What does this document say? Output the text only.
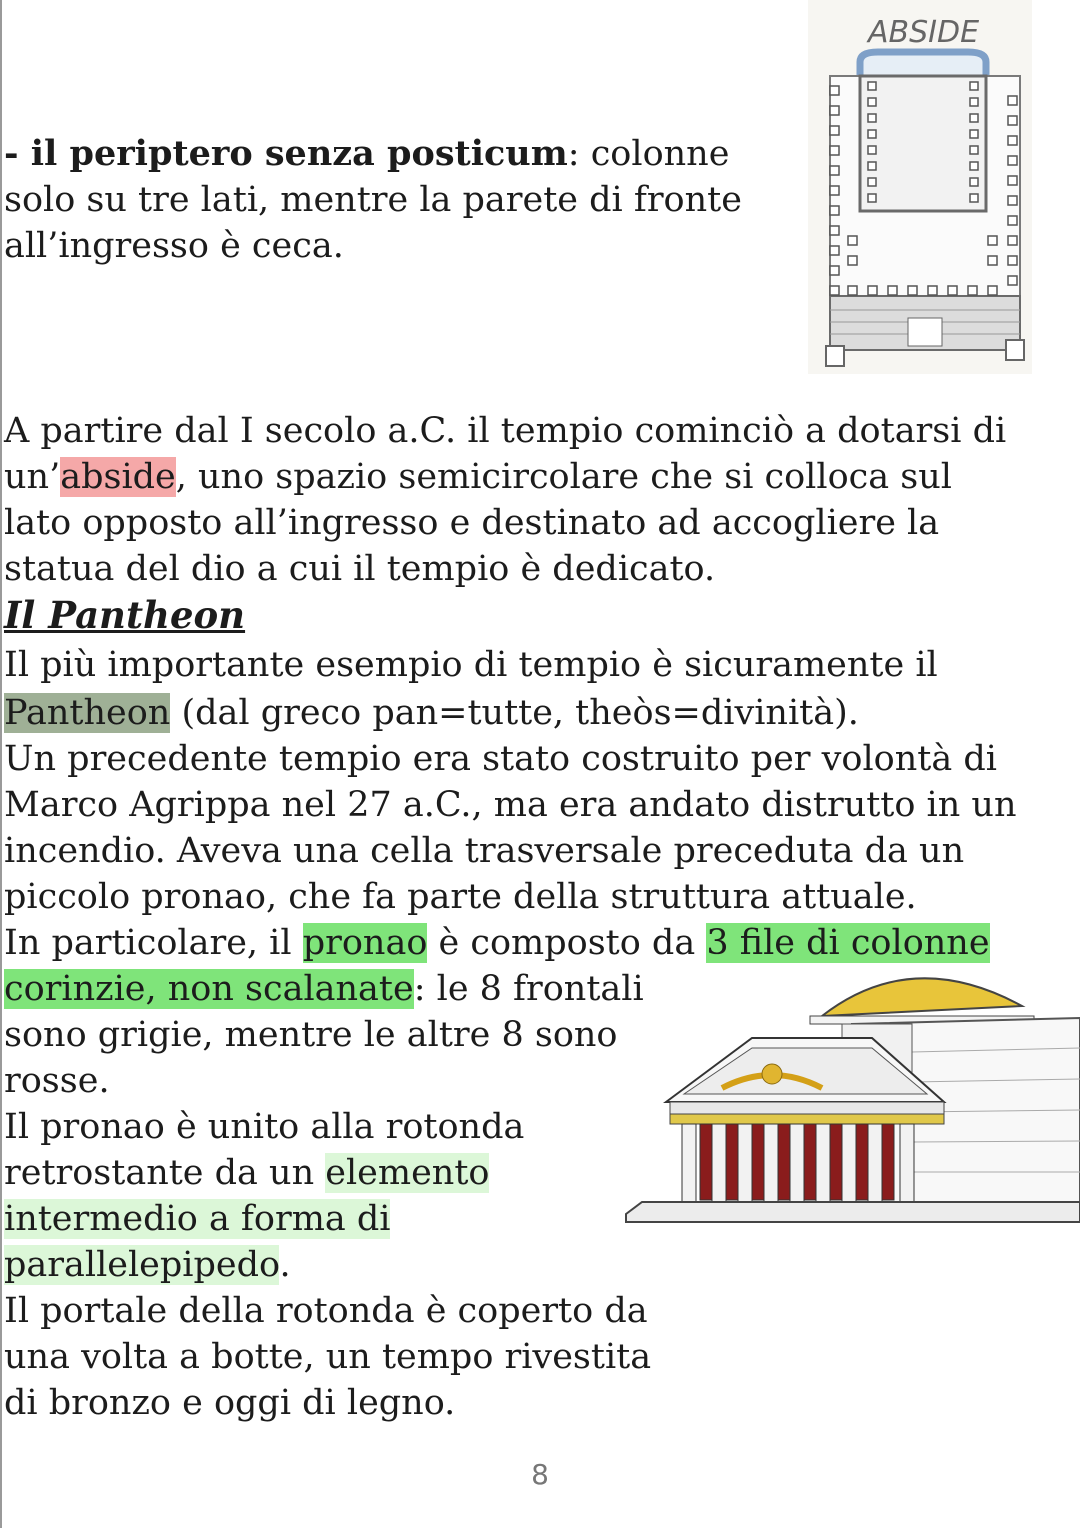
- il periptero senza posticum: colonne

solo su tre lati, mentre la parete di fronte

all’ingresso è ceca.

ABSIDE

A partire dal I secolo a.C. il tempio cominciò a dotarsi di

un’abside, uno spazio semicircolare che si colloca sul

lato opposto all’ingresso e destinato ad accogliere la

statua del dio a cui il tempio è dedicato.

Il Pantheon

Il più importante esempio di tempio è sicuramente il

Pantheon (dal greco pan=tutte, theòs=divinità).

Un precedente tempio era stato costruito per volontà di

Marco Agrippa nel 27 a.C., ma era andato distrutto in un

incendio. Aveva una cella trasversale preceduta da un

piccolo pronao, che fa parte della struttura attuale.

In particolare, il pronao è composto da 3 file di colonne

corinzie, non scalanate: le 8 frontali

sono grigie, mentre le altre 8 sono

rosse.

Il pronao è unito alla rotonda

retrostante da un elemento

intermedio a forma di

parallelepipedo.

Il portale della rotonda è coperto da

una volta a botte, un tempo rivestita

di bronzo e oggi di legno.

8
